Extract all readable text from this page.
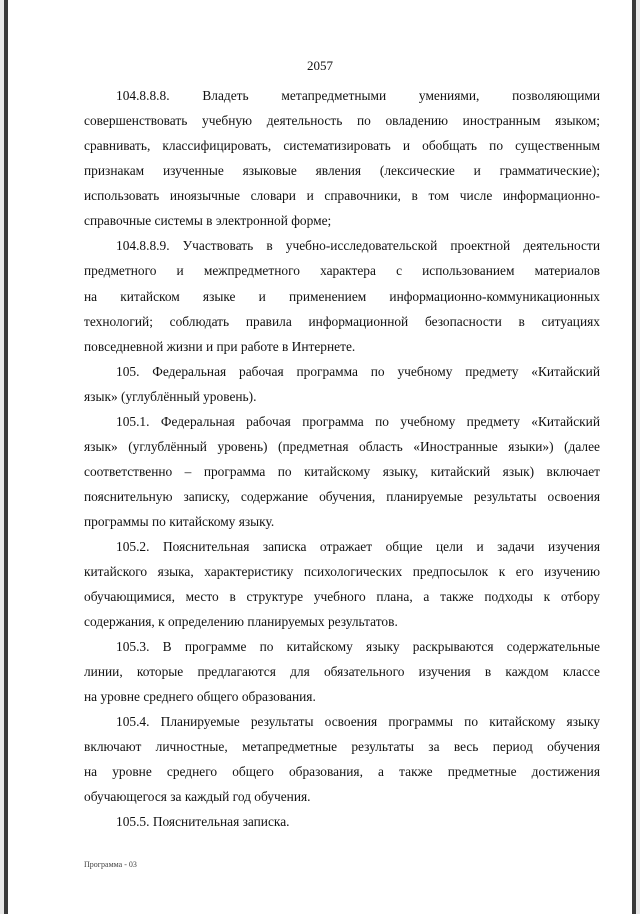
2057
104.8.8.8. Владеть метапредметными умениями, позволяющими
совершенствовать учебную деятельность по овладению иностранным языком;
сравнивать, классифицировать, систематизировать и обобщать по существенным
признакам изученные языковые явления (лексические и грамматические);
использовать иноязычные словари и справочники, в том числе информационно-
справочные системы в электронной форме;
104.8.8.9. Участвовать в учебно-исследовательской проектной деятельности
предметного и межпредметного характера с использованием материалов
на китайском языке и применением информационно-коммуникационных
технологий; соблюдать правила информационной безопасности в ситуациях
повседневной жизни и при работе в Интернете.
105. Федеральная рабочая программа по учебному предмету «Китайский
язык» (углублённый уровень).
105.1. Федеральная рабочая программа по учебному предмету «Китайский
язык» (углублённый уровень) (предметная область «Иностранные языки») (далее
соответственно – программа по китайскому языку, китайский язык) включает
пояснительную записку, содержание обучения, планируемые результаты освоения
программы по китайскому языку.
105.2. Пояснительная записка отражает общие цели и задачи изучения
китайского языка, характеристику психологических предпосылок к его изучению
обучающимися, место в структуре учебного плана, а также подходы к отбору
содержания, к определению планируемых результатов.
105.3. В программе по китайскому языку раскрываются содержательные
линии, которые предлагаются для обязательного изучения в каждом классе
на уровне среднего общего образования.
105.4. Планируемые результаты освоения программы по китайскому языку
включают личностные, метапредметные результаты за весь период обучения
на уровне среднего общего образования, а также предметные достижения
обучающегося за каждый год обучения.
105.5. Пояснительная записка.
Программа - 03
